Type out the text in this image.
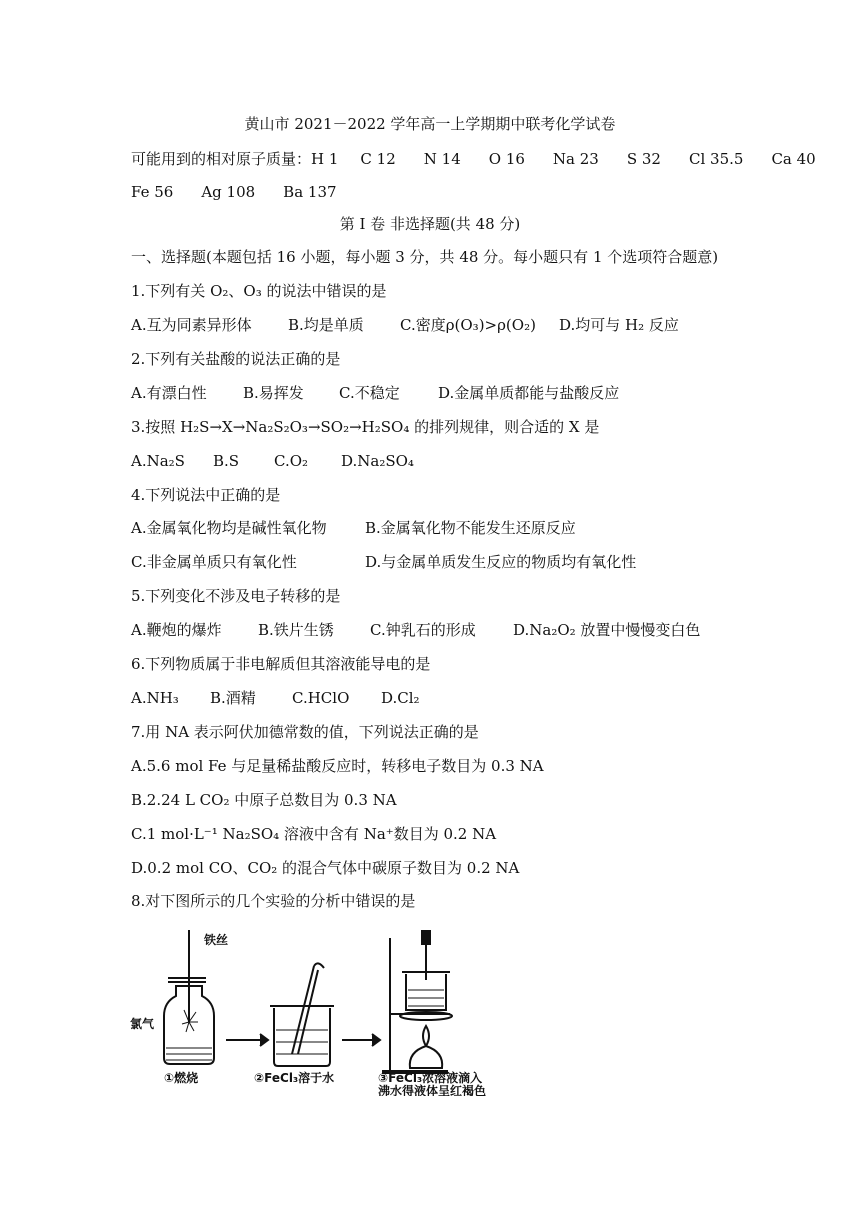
黄山市 2021－2022 学年高一上学期期中联考化学试卷
可能用到的相对原子质量：H 1 C 12 N 14 O 16 Na 23 S 32 Cl 35.5 Ca 40
Fe 56 Ag 108 Ba 137
第 I 卷 非选择题(共 48 分)
一、选择题(本题包括 16 小题，每小题 3 分，共 48 分。每小题只有 1 个选项符合题意)
1.下列有关 O₂、O₃ 的说法中错误的是
A.互为同素异形体 B.均是单质 C.密度ρ(O₃)>ρ(O₂) D.均可与 H₂ 反应
2.下列有关盐酸的说法正确的是
A.有漂白性 B.易挥发 C.不稳定	D.金属单质都能与盐酸反应
3.按照 H₂S→X→Na₂S₂O₃→SO₂→H₂SO₄ 的排列规律，则合适的 X 是
A.Na₂S B.S C.O₂ D.Na₂SO₄
4.下列说法中正确的是
A.金属氧化物均是碱性氧化物	B.金属氧化物不能发生还原反应
C.非金属单质只有氧化性	D.与金属单质发生反应的物质均有氧化性
5.下列变化不涉及电子转移的是
A.鞭炮的爆炸 B.铁片生锈 C.钟乳石的形成 D.Na₂O₂ 放置中慢慢变白色
6.下列物质属于非电解质但其溶液能导电的是
A.NH₃ B.酒精 C.HClO D.Cl₂
7.用 NA 表示阿伏加德常数的值，下列说法正确的是
A.5.6 mol Fe 与足量稀盐酸反应时，转移电子数目为 0.3 NA
B.2.24 L CO₂ 中原子总数目为 0.3 NA
C.1 mol·L⁻¹ Na₂SO₄ 溶液中含有 Na⁺数目为 0.2 NA
D.0.2 mol CO、CO₂ 的混合气体中碳原子数目为 0.2 NA
8.对下图所示的几个实验的分析中错误的是
铁丝
氯气
①燃烧	②FeCl₃溶于水	③FeCl₃浓溶液滴入
沸水得液体呈红褐色
